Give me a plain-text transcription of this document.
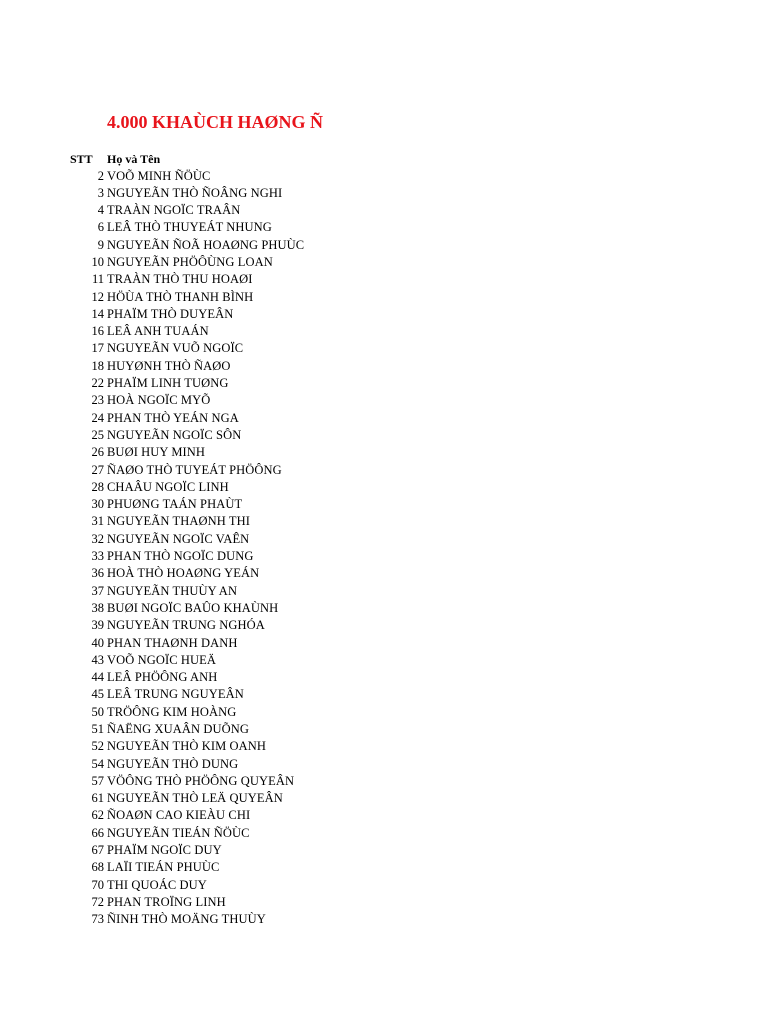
4.000 KHAÙCH HAØNG Ñ
STT Họ và Tên
2 VOÕ MINH ÑÖÙC
3 NGUYEÃN THÒ ÑOÂNG NGHI
4 TRAÀN NGOÏC TRAÂN
6 LEÂ THÒ THUYEÁT NHUNG
9 NGUYEÃN ÑOÃ HOAØNG PHUÙC
10 NGUYEÃN PHÖÔÙNG LOAN
11 TRAÀN THÒ THU HOAØI
12 HÖÙA THÒ THANH BÌNH
14 PHAÏM THÒ DUYEÂN
16 LEÂ ANH TUAÁN
17 NGUYEÃN VUÕ NGOÏC
18 HUYØNH THÒ ÑAØO
22 PHAÏM LINH TUØNG
23 HOÀ NGOÏC MYÕ
24 PHAN THÒ YEÁN NGA
25 NGUYEÃN NGOÏC SÔN
26 BUØI HUY MINH
27 ÑAØO THÒ TUYEÁT PHÖÔNG
28 CHAÂU NGOÏC LINH
30 PHUØNG TAÁN PHAÙT
31 NGUYEÃN THAØNH THI
32 NGUYEÃN NGOÏC VAÊN
33 PHAN THÒ NGOÏC DUNG
36 HOÀ THÒ HOAØNG YEÁN
37 NGUYEÃN THUÙY AN
38 BUØI NGOÏC BAÛO KHAÙNH
39 NGUYEÃN TRUNG NGHÓA
40 PHAN THAØNH DANH
43 VOÕ NGOÏC HUEÄ
44 LEÂ PHÖÔNG ANH
45 LEÂ TRUNG NGUYEÂN
50 TRÖÔNG KIM HOÀNG
51 ÑAËNG XUAÂN DUÕNG
52 NGUYEÃN THÒ KIM OANH
54 NGUYEÃN THÒ DUNG
57 VÖÔNG THÒ PHÖÔNG QUYEÂN
61 NGUYEÃN THÒ LEÄ QUYEÂN
62 ÑOAØN CAO KIEÀU CHI
66 NGUYEÃN TIEÁN ÑÖÙC
67 PHAÏM NGOÏC DUY
68 LAÏI TIEÁN PHUÙC
70 THI QUOÁC DUY
72 PHAN TROÏNG LINH
73 ÑINH THÒ MOÄNG THUÙY
